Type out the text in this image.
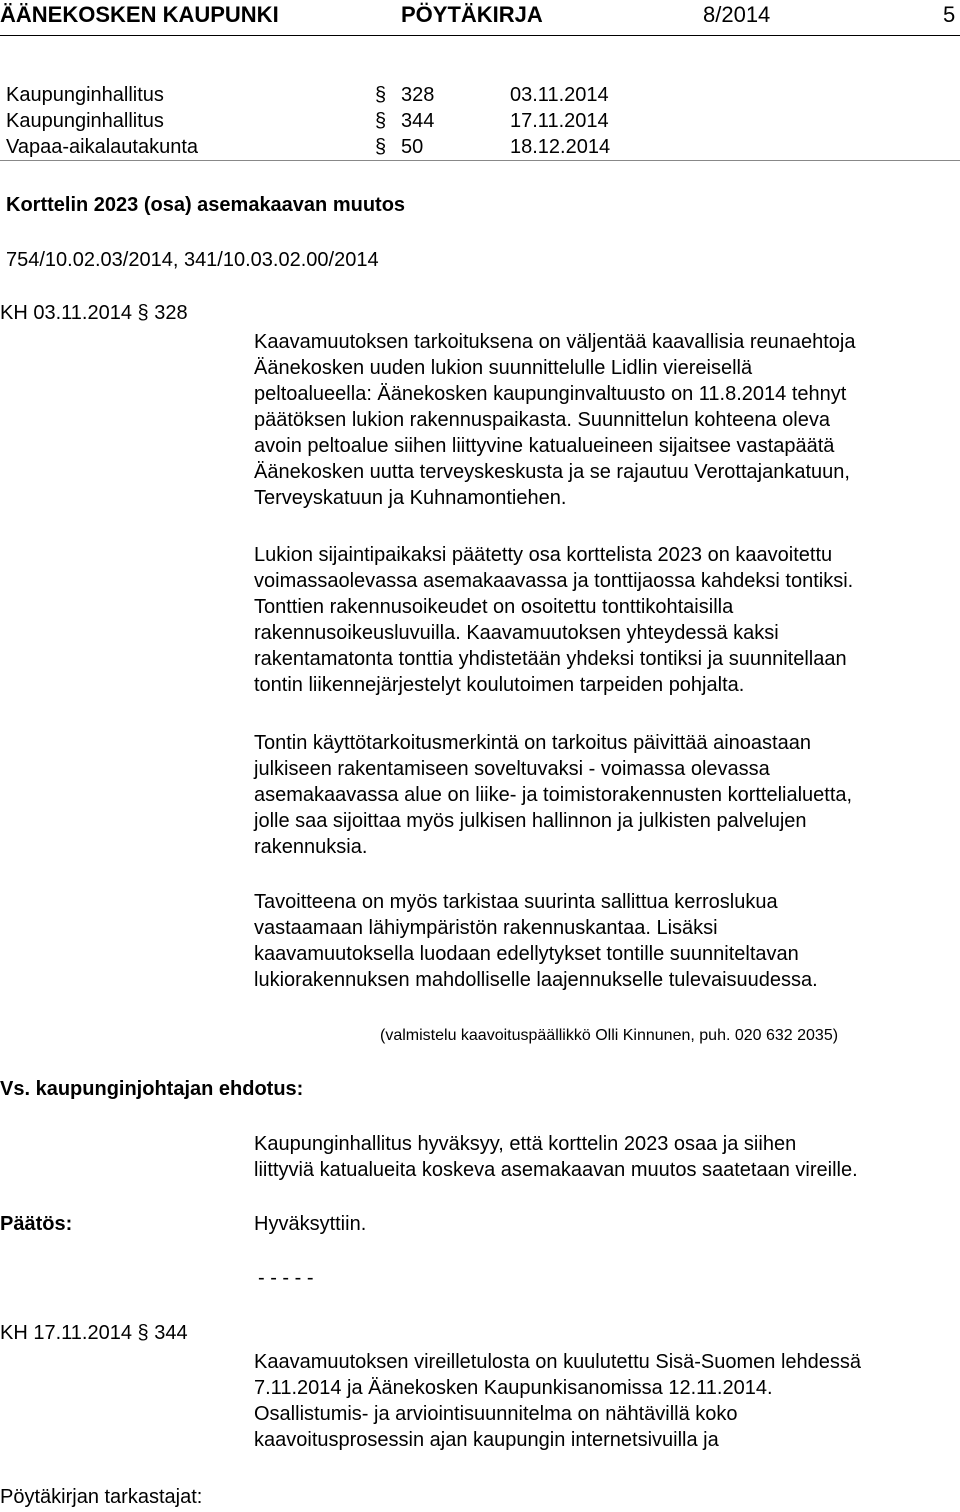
ÄÄNEKOSKEN KAUPUNKI	PÖYTÄKIRJA	8/2014	5
Kaupunginhallitus	§ 328	03.11.2014
Kaupunginhallitus	§ 344	17.11.2014
Vapaa-aikalautakunta	§ 50	18.12.2014
Korttelin 2023 (osa) asemakaavan muutos
754/10.02.03/2014, 341/10.03.02.00/2014
KH 03.11.2014 § 328
Kaavamuutoksen tarkoituksena on väljentää kaavallisia reunaehtoja
Äänekosken uuden lukion suunnittelulle Lidlin viereisellä
peltoalueella: Äänekosken kaupunginvaltuusto on 11.8.2014 tehnyt
päätöksen lukion rakennuspaikasta. Suunnittelun kohteena oleva
avoin peltoalue siihen liittyvine katualueineen sijaitsee vastapäätä
Äänekosken uutta terveyskeskusta ja se rajautuu Verottajankatuun,
Terveyskatuun ja Kuhnamontiehen.
Lukion sijaintipaikaksi päätetty osa korttelista 2023 on kaavoitettu
voimassaolevassa asemakaavassa ja tonttijaossa kahdeksi tontiksi.
Tonttien rakennusoikeudet on osoitettu tonttikohtaisilla
rakennusoikeusluvuilla. Kaavamuutoksen yhteydessä kaksi
rakentamatonta tonttia yhdistetään yhdeksi tontiksi ja suunnitellaan
tontin liikennejärjestelyt koulutoimen tarpeiden pohjalta.
Tontin käyttötarkoitusmerkintä on tarkoitus päivittää ainoastaan
julkiseen rakentamiseen soveltuvaksi - voimassa olevassa
asemakaavassa alue on liike- ja toimistorakennusten korttelialuetta,
jolle saa sijoittaa myös julkisen hallinnon ja julkisten palvelujen
rakennuksia.
Tavoitteena on myös tarkistaa suurinta sallittua kerroslukua
vastaamaan lähiympäristön rakennuskantaa. Lisäksi
kaavamuutoksella luodaan edellytykset tontille suunniteltavan
lukiorakennuksen mahdolliselle laajennukselle tulevaisuudessa.
(valmistelu kaavoituspäällikkö Olli Kinnunen, puh. 020 632 2035)
Vs. kaupunginjohtajan ehdotus:
Kaupunginhallitus hyväksyy, että korttelin 2023 osaa ja siihen
liittyviä katualueita koskeva asemakaavan muutos saatetaan vireille.
Päätös:	Hyväksyttiin.
- - - - -
KH 17.11.2014 § 344
Kaavamuutoksen vireilletulosta on kuulutettu Sisä-Suomen lehdessä
7.11.2014 ja Äänekosken Kaupunkisanomissa 12.11.2014.
Osallistumis- ja arviointisuunnitelma on nähtävillä koko
kaavoitusprosessin ajan kaupungin internetsivuilla ja
Pöytäkirjan tarkastajat:
